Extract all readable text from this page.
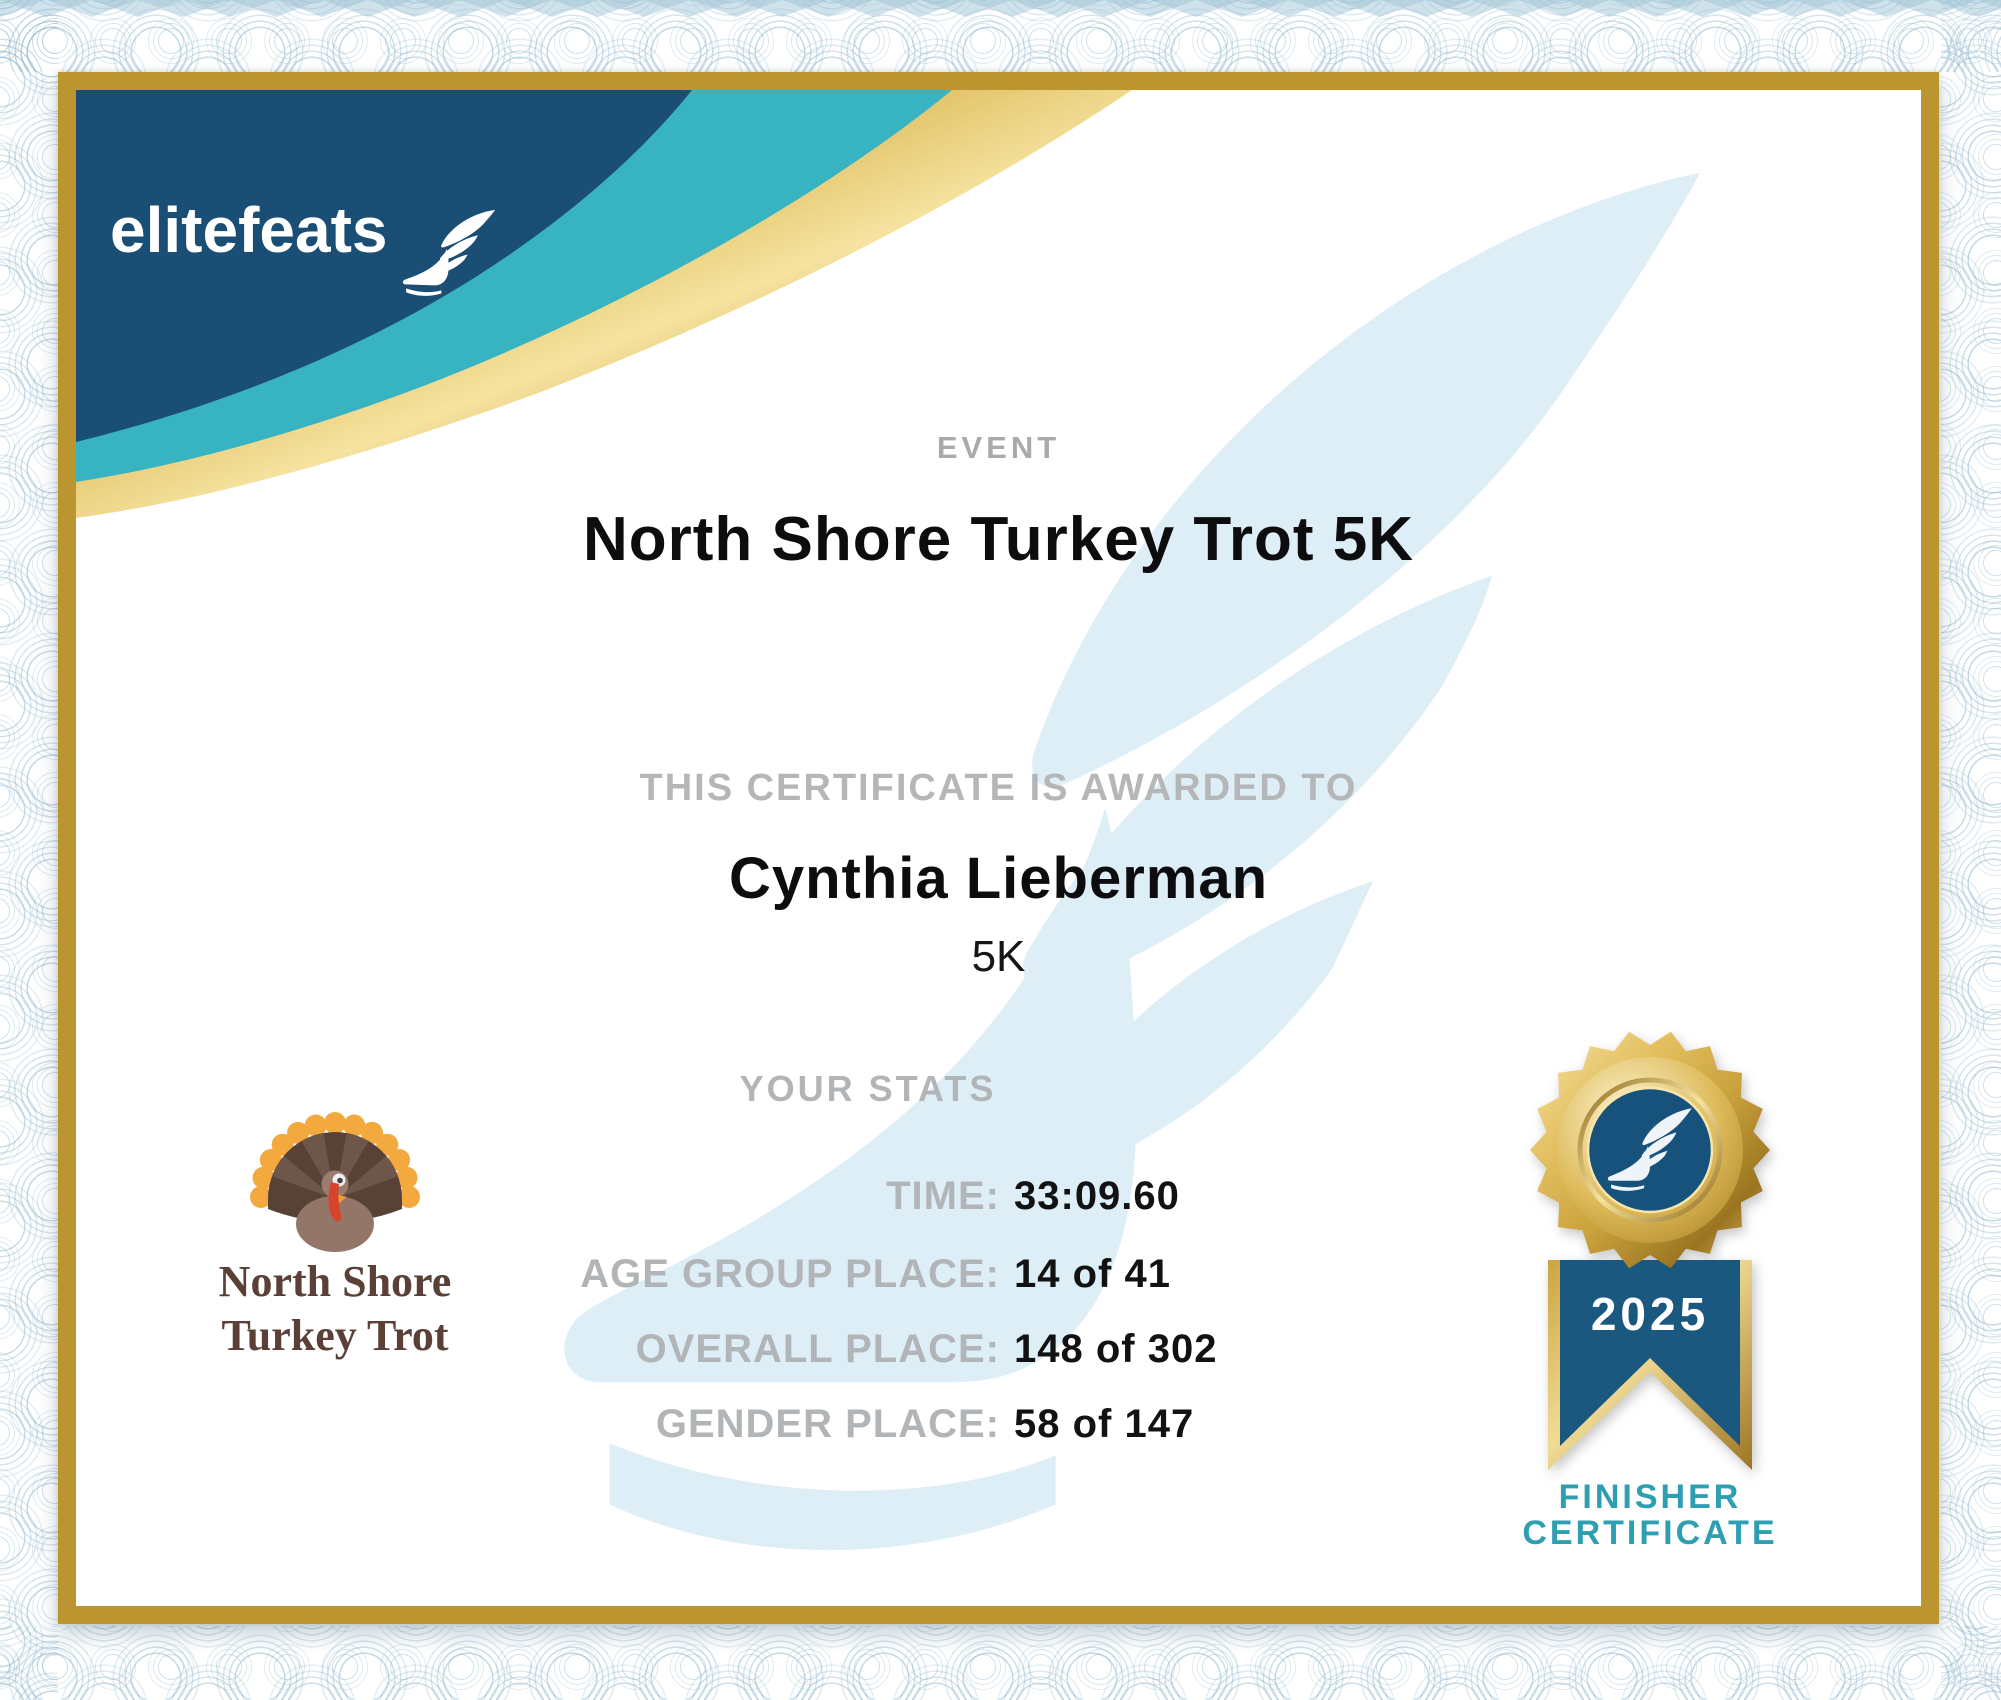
elitefeats
EVENT
North Shore Turkey Trot 5K
THIS CERTIFICATE IS AWARDED TO
Cynthia Lieberman
5K
YOUR STATS
TIME: 33:09.60
AGE GROUP PLACE: 14 of 41
OVERALL PLACE: 148 of 302
GENDER PLACE: 58 of 147
North Shore
Turkey Trot	2025
FINISHER
CERTIFICATE
